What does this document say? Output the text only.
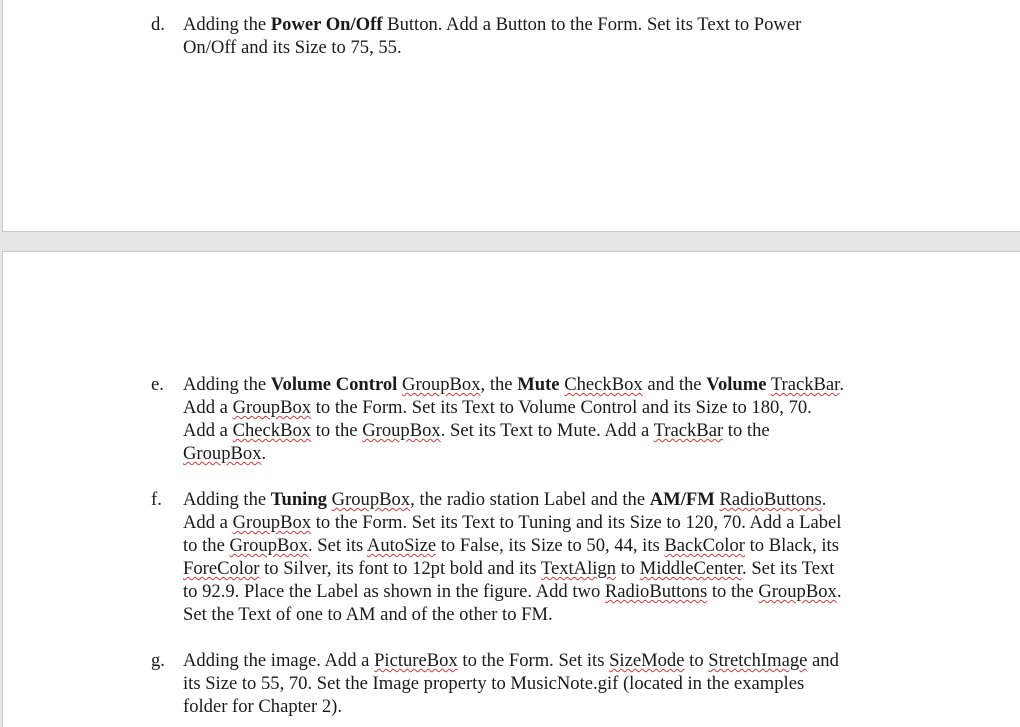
d. Adding the Power On/Off Button. Add a Button to the Form. Set its Text to Power
On/Off and its Size to 75, 55.
e. Adding the Volume Control GroupBox, the Mute CheckBox and the Volume TrackBar.
Add a GroupBox to the Form. Set its Text to Volume Control and its Size to 180, 70.
Add a CheckBox to the GroupBox. Set its Text to Mute. Add a TrackBar to the
GroupBox.
f. Adding the Tuning GroupBox, the radio station Label and the AM/FM RadioButtons.
Add a GroupBox to the Form. Set its Text to Tuning and its Size to 120, 70. Add a Label
to the GroupBox. Set its AutoSize to False, its Size to 50, 44, its BackColor to Black, its
ForeColor to Silver, its font to 12pt bold and its TextAlign to MiddleCenter. Set its Text
to 92.9. Place the Label as shown in the figure. Add two RadioButtons to the GroupBox.
Set the Text of one to AM and of the other to FM.
g. Adding the image. Add a PictureBox to the Form. Set its SizeMode to StretchImage and
its Size to 55, 70. Set the Image property to MusicNote.gif (located in the examples
folder for Chapter 2).
